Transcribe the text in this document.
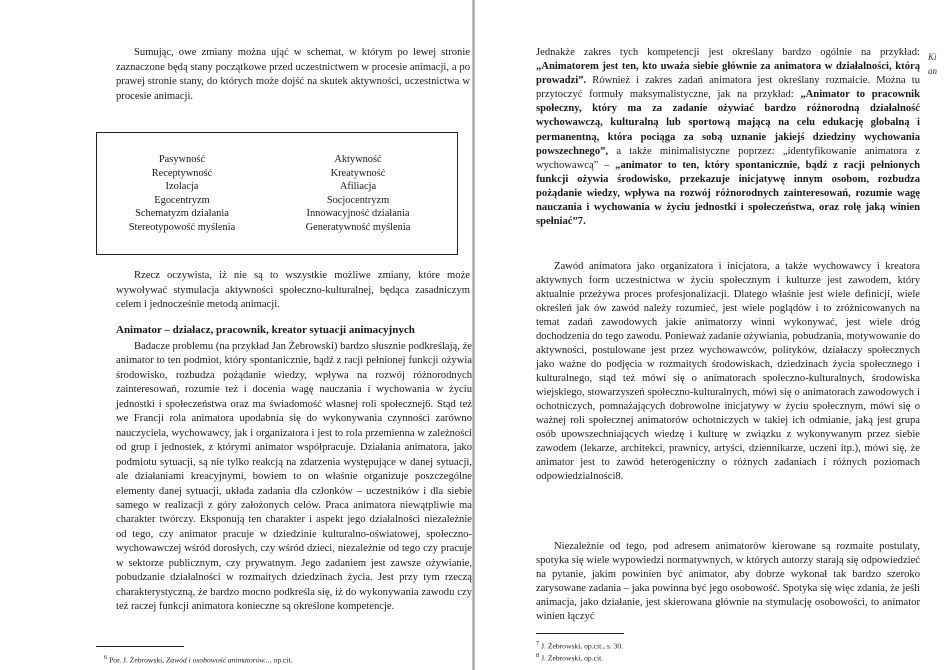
Sumując, owe zmiany można ująć w schemat, w którym po lewej stronie zaznaczone będą stany początkowe przed uczestnictwem w procesie animacji, a po prawej stronie stany, do których może dojść na skutek aktywności, uczestnictwa w procesie animacji.

Pasywność
Receptywność
Izolacja
Egocentryzm
Schematyzm działania
Stereotypowość myślenia
Aktywność
Kreatywność
Afiliacja
Socjocentryzm
Innowacyjność działania
Generatywność myślenia

Rzecz oczywista, iż nie są to wszystkie możliwe zmiany, które może wywoływać stymulacja aktywności społeczno-kulturalnej, będąca zasadniczym celem i jednocześnie metodą animacji.

Animator – działacz, pracownik, kreator sytuacji animacyjnych

Badacze problemu (na przykład Jan Żebrowski) bardzo słusznie podkreślają, że animator to ten podmiot, który spontanicznie, bądź z racji pełnionej funkcji ożywia środowisko, rozbudza pożądanie wiedzy, wpływa na rozwój różnorodnych zainteresowań, rozumie też i docenia wagę nauczania i wychowania w życiu jednostki i społeczeństwa oraz ma świadomość własnej roli społecznej6. Stąd też we Francji rola animatora upodabnia się do wykonywania czynności zarówno nauczyciela, wychowawcy, jak i organizatora i jest to rola przemienna w zależności od grup i jednostek, z którymi animator współpracuje. Działania animatora, jako podmiotu sytuacji, są nie tylko reakcją na zdarzenia występujące w danej sytuacji, ale działaniami kreacyjnymi, bowiem to on właśnie organizuje poszczególne elementy danej sytuacji, układa zadania dla członków – uczestników i dla siebie samego w realizacji z góry założonych celów. Praca animatora niewątpliwie ma charakter twórczy. Eksponują ten charakter i aspekt jego działalności niezależnie od tego, czy animator pracuje w dziedzinie kulturalno-oświatowej, społeczno-wychowawczej wśród dorosłych, czy wśród dzieci, niezależnie od tego czy pracuje w sektorze publicznym, czy prywatnym. Jego zadaniem jest zawsze ożywianie, pobudzanie działalności w rozmaitych dziedzinach życia. Jest przy tym rzeczą charakterystyczną, że bardzo mocno podkreśla się, iż do wykonywania zawodu czy też raczej funkcji animatora konieczne są określone kompetencje.

$^6$ Por. J. Żebrowski, Zawód i osobowość animatorów..., op.cit.

Jednakże zakres tych kompetencji jest określany bardzo ogólnie na przykład: „Animatorem jest ten, kto uważa siebie głównie za animatora w działalności, którą prowadzi”. Również i zakres zadań animatora jest określany rozmaicie. Można tu przytoczyć formuły maksymalistyczne, jak na przykład: „Animator to pracownik społeczny, który ma za zadanie ożywiać bardzo różnorodną działalność wychowawczą, kulturalną lub sportową mającą na celu edukację globalną i permanentną, która pociąga za sobą uznanie jakiejś dziedziny wychowania powszechnego”, a także minimalistyczne poprzez: „identyfikowanie animatora z wychowawcą” – „animator to ten, który spontanicznie, bądź z racji pełnionych funkcji ożywia środowisko, przekazuje inicjatywę innym osobom, rozbudza pożądanie wiedzy, wpływa na rozwój różnorodnych zainteresowań, rozumie wagę nauczania i wychowania w życiu jednostki i społeczeństwa, oraz rolę jaką winien spełniać”7.

Zawód animatora jako organizatora i inicjatora, a także wychowawcy i kreatora aktywnych form uczestnictwa w życiu społecznym i kulturze jest zawodem, który aktualnie przeżywa proces profesjonalizacji. Dlatego właśnie jest wiele definicji, wiele określeń jak ów zawód należy rozumieć, jest wiele poglądów i to zróżnicowanych na temat zadań zawodowych jakie animatorzy winni wykonywać, jest wiele dróg dochodzenia do tego zawodu. Ponieważ zadanie ożywiania, pobudzania, motywowanie do aktywności, postulowane jest przez wychowawców, polityków, działaczy społecznych jako ważne do podjęcia w rozmaitych środowiskach, dziedzinach życia społecznego i kulturalnego, stąd też mówi się o animatorach społeczno-kulturalnych, środowiska wiejskiego, stowarzyszeń społeczno-kulturalnych, mówi się o animatorach zawodowych i ochotniczych, pomnażających dobrowolne inicjatywy w życiu społecznym, mówi się o ważnej roli społecznej animatorów ochotniczych w takiej ich odmianie, jaką jest grupa osób upowszechniających wiedzę i kulturę w związku z wykonywanym przez siebie zawodem (lekarze, architekci, prawnicy, artyści, dziennikarze, uczeni itp.), mówi się, że animator jest to zawód heterogeniczny o różnych zadaniach i różnych poziomach odpowiedzialności8.

Niezależnie od tego, pod adresem animatorów kierowane są rozmaite postulaty, spotyka się wiele wypowiedzi normatywnych, w których autorzy starają się odpowiedzieć na pytanie, jakim powinien być animator, aby dobrze wykonał tak bardzo szeroko zarysowane zadania – jaka powinna być jego osobowość. Spotyka się więc zdania, że jeśli animacja, jako działanie, jest skierowana głównie na stymulację osobowości, to animator winien łączyć

$^7$ J. Żebrowski, op.cit., s. 30.
$^8$ J. Żebrowski, op.cit.
Ki
an
